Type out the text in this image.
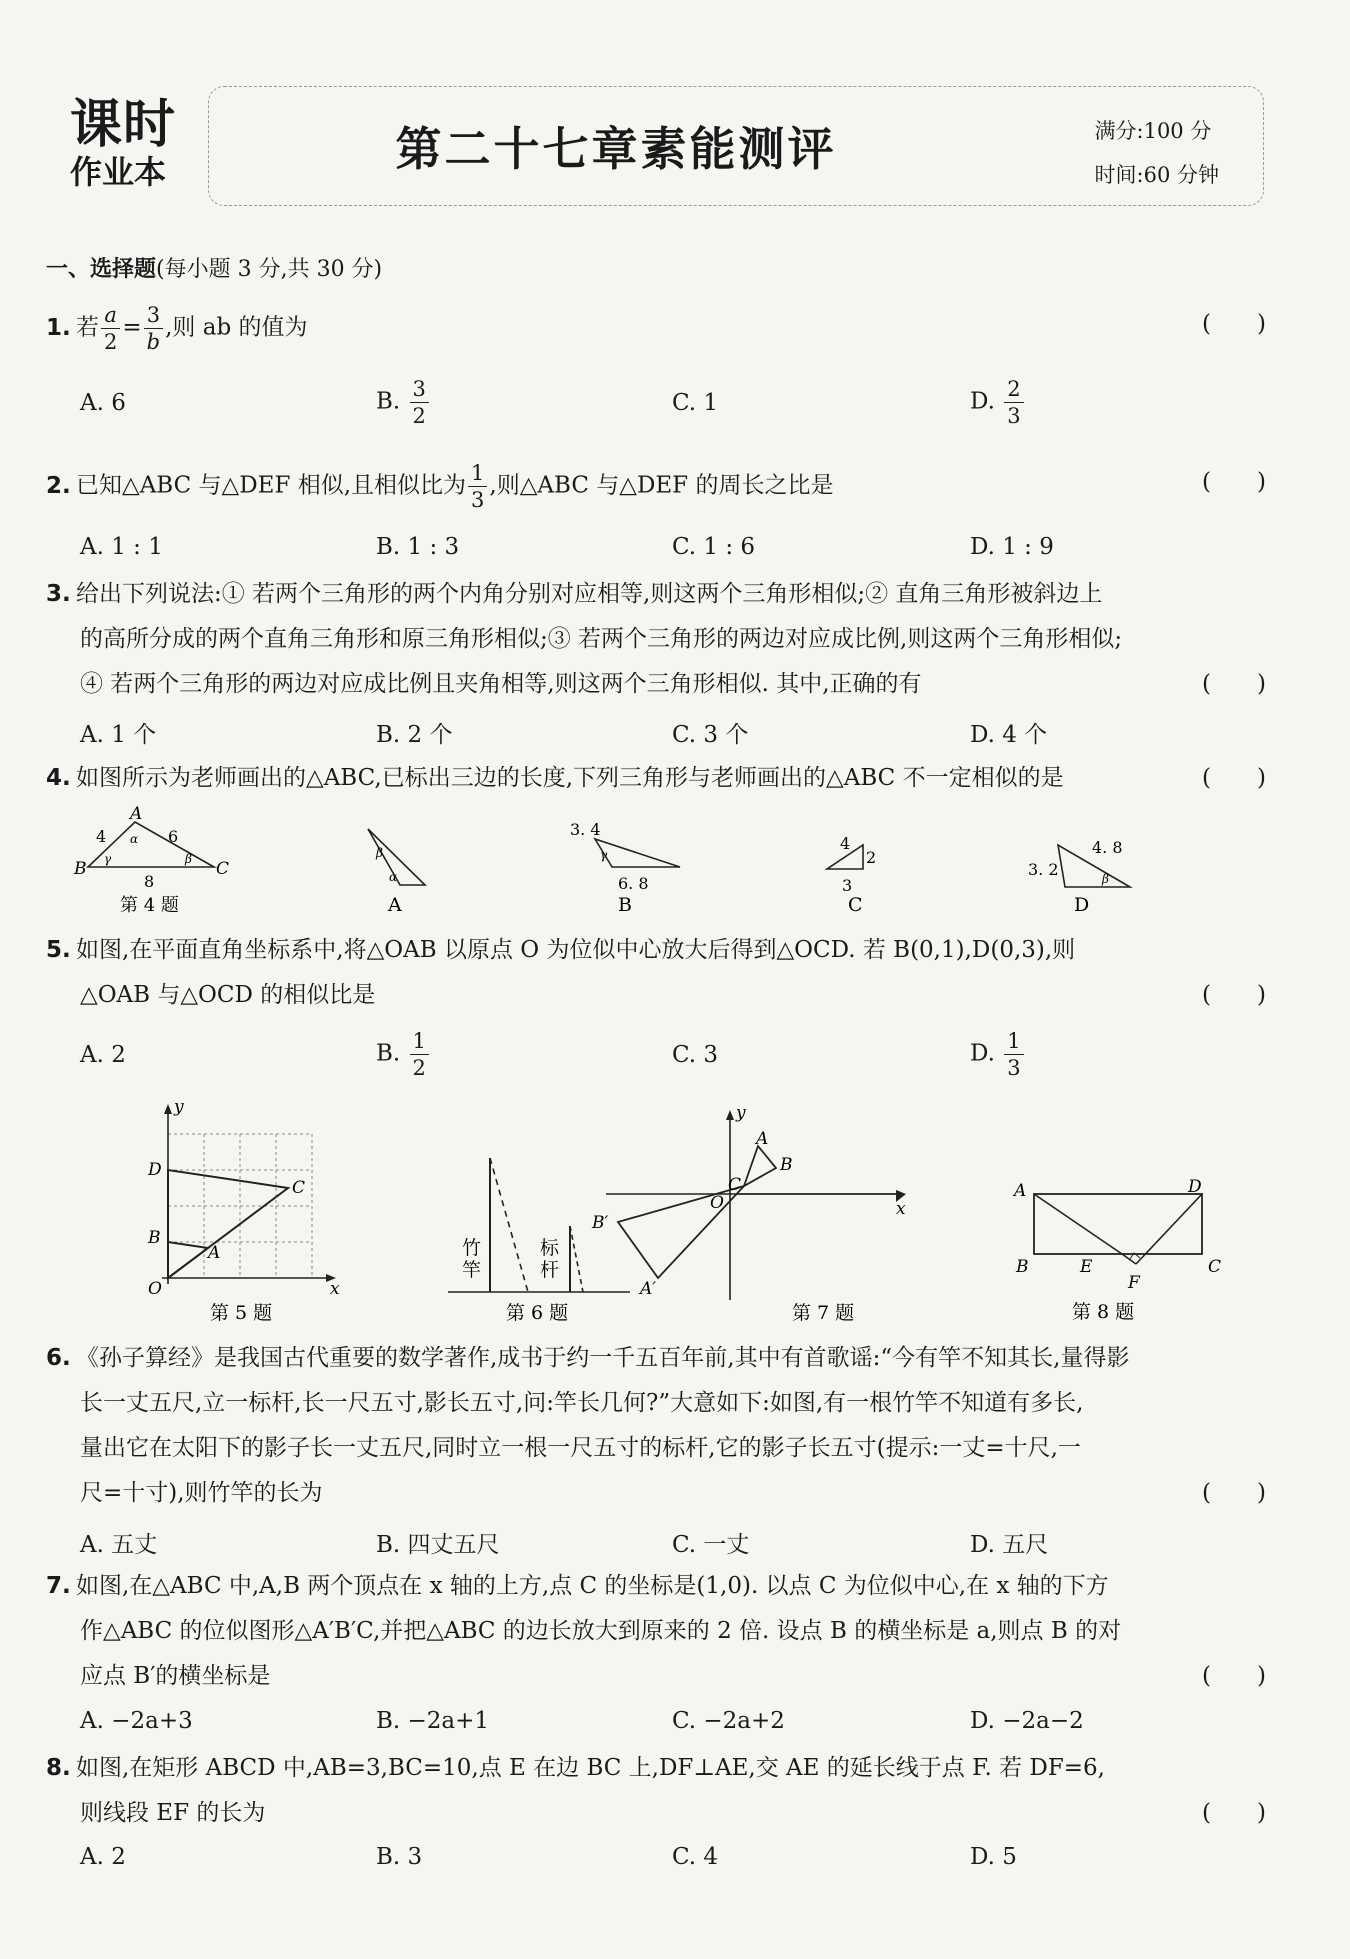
课时
作业本	第二十七章素能测评	满分:100 分
时间:60 分钟
一、选择题(每小题 3 分,共 30 分)
1. 若 $\frac{a}{2} = \frac{3}{b}$ ,则 ab 的值为	(　　)
A. 6	B. $\frac{3}{2}$	C. 1	D. $\frac{2}{3}$
2. 已知△ABC 与△DEF 相似,且相似比为 $\frac{1}{3}$ ,则△ABC 与△DEF 的周长之比是	(　　)
A. 1 : 1	B. 1 : 3	C. 1 : 6	D. 1 : 9
3. 给出下列说法:① 若两个三角形的两个内角分别对应相等,则这两个三角形相似;② 直角三角形被斜边上
的高所分成的两个直角三角形和原三角形相似;③ 若两个三角形的两边对应成比例,则这两个三角形相似;
④ 若两个三角形的两边对应成比例且夹角相等,则这两个三角形相似. 其中,正确的有	(　　)
A. 1 个	B. 2 个	C. 3 个	D. 4 个
4. 如图所示为老师画出的△ABC,已标出三边的长度,下列三角形与老师画出的△ABC 不一定相似的是	(　　)
A
B	C
4	6
8
α
β
γ
第 4 题
β
α
A
3. 4
6. 8
γ
B
4
2
3
C
3. 2
4. 8
β
D
5. 如图,在平面直角坐标系中,将△OAB 以原点 O 为位似中心放大后得到△OCD. 若 B(0,1),D(0,3),则
△OAB 与△OCD 的相似比是	(　　)
A. 2	B. $\frac{1}{2}$	C. 3	D. $\frac{1}{3}$
y
x
O
A
B
C
D
第 5 题
竹竿
标杆
第 6 题
y
x
O
A
B
C
B′
A′
第 7 题
A
B	C
D
E
F
第 8 题
6. 《孙子算经》是我国古代重要的数学著作,成书于约一千五百年前,其中有首歌谣:“今有竿不知其长,量得影
长一丈五尺,立一标杆,长一尺五寸,影长五寸,问:竿长几何?”大意如下:如图,有一根竹竿不知道有多长,
量出它在太阳下的影子长一丈五尺,同时立一根一尺五寸的标杆,它的影子长五寸(提示:一丈=十尺,一
尺=十寸),则竹竿的长为	(　　)
A. 五丈	B. 四丈五尺	C. 一丈	D. 五尺
7. 如图,在△ABC 中,A,B 两个顶点在 x 轴的上方,点 C 的坐标是(1,0). 以点 C 为位似中心,在 x 轴的下方
作△ABC 的位似图形△A′B′C,并把△ABC 的边长放大到原来的 2 倍. 设点 B 的横坐标是 a,则点 B 的对
应点 B′的横坐标是	(　　)
A. −2a+3	B. −2a+1	C. −2a+2	D. −2a−2
8. 如图,在矩形 ABCD 中,AB=3,BC=10,点 E 在边 BC 上,DF⊥AE,交 AE 的延长线于点 F. 若 DF=6,
则线段 EF 的长为	(　　)
A. 2	B. 3	C. 4	D. 5
